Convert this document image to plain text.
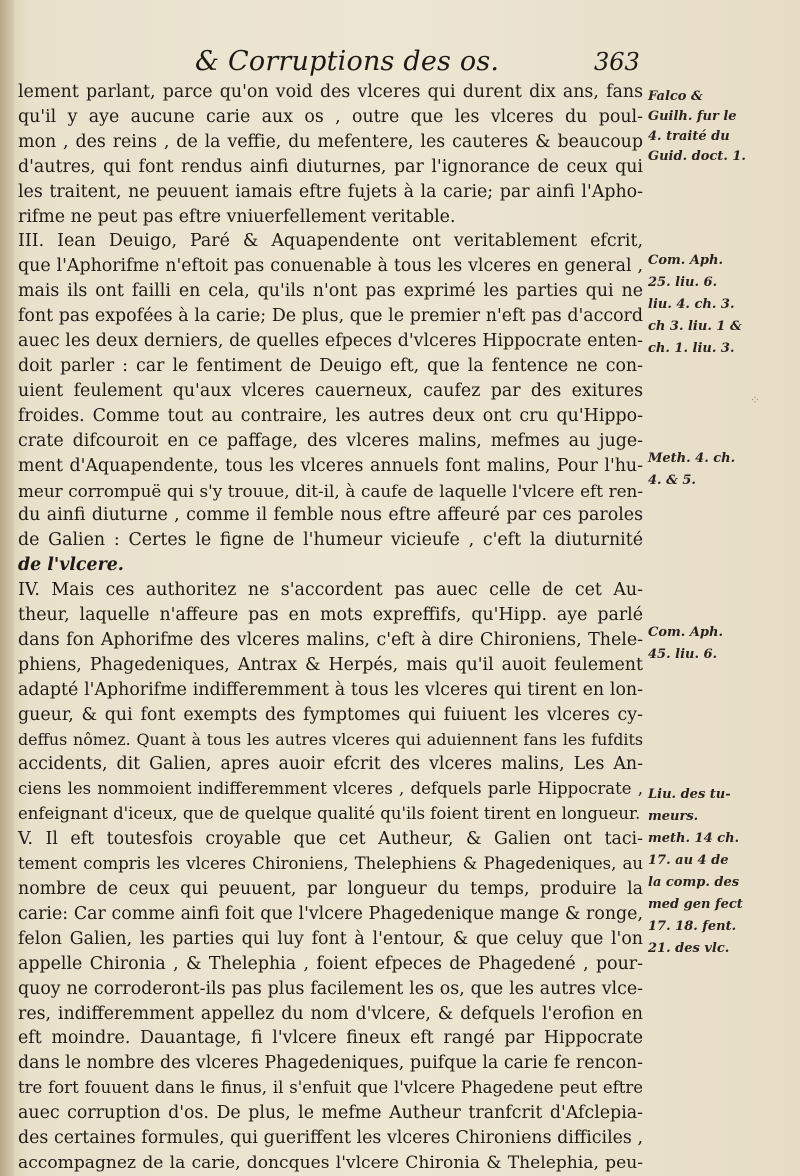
& Corruptions des os.	363
lement parlant, parce qu'on void des vlceres qui durent dix ans, fans
qu'il y aye aucune carie aux os , outre que les vlceres du poul-
mon , des reins , de la veffie, du mefentere, les cauteres & beaucoup
d'autres, qui font rendus ainfi diuturnes, par l'ignorance de ceux qui
les traitent, ne peuuent iamais eftre fujets à la carie; par ainfi l'Apho-
rifme ne peut pas eftre vniuerfellement veritable.
III. Iean Deuigo, Paré & Aquapendente ont veritablement efcrit,
que l'Aphorifme n'eftoit pas conuenable à tous les vlceres en general ,
mais ils ont failli en cela, qu'ils n'ont pas exprimé les parties qui ne
font pas expofées à la carie; De plus, que le premier n'eft pas d'accord
auec les deux derniers, de quelles efpeces d'vlceres Hippocrate enten-
doit parler : car le fentiment de Deuigo eft, que la fentence ne con-
uient feulement qu'aux vlceres cauerneux, caufez par des exitures
froides. Comme tout au contraire, les autres deux ont cru qu'Hippo-
crate difcouroit en ce paffage, des vlceres malins, mefmes au juge-
ment d'Aquapendente, tous les vlceres annuels font malins, Pour l'hu-
meur corrompuë qui s'y trouue, dit-il, à caufe de laquelle l'vlcere eft ren-
du ainfi diuturne , comme il femble nous eftre affeuré par ces paroles
de Galien : Certes le figne de l'humeur vicieufe , c'eft la diuturnité
de l'vlcere.
IV. Mais ces authoritez ne s'accordent pas auec celle de cet Au-
theur, laquelle n'affeure pas en mots expreffifs, qu'Hipp. aye parlé
dans fon Aphorifme des vlceres malins, c'eft à dire Chironiens, Thele-
phiens, Phagedeniques, Antrax & Herpés, mais qu'il auoit feulement
adapté l'Aphorifme indifferemment à tous les vlceres qui tirent en lon-
gueur, & qui font exempts des fymptomes qui fuiuent les vlceres cy-
deffus nômez. Quant à tous les autres vlceres qui aduiennent fans les fufdits
accidents, dit Galien, apres auoir efcrit des vlceres malins, Les An-
ciens les nommoient indifferemment vlceres , defquels parle Hippocrate ,
enfeignant d'iceux, que de quelque qualité qu'ils foient tirent en longueur.
V. Il eft toutesfois croyable que cet Autheur, & Galien ont taci-
tement compris les vlceres Chironiens, Thelephiens & Phagedeniques, au
nombre de ceux qui peuuent, par longueur du temps, produire la
carie: Car comme ainfi foit que l'vlcere Phagedenique mange & ronge,
felon Galien, les parties qui luy font à l'entour, & que celuy que l'on
appelle Chironia , & Thelephia , foient efpeces de Phagedené , pour-
quoy ne corroderont-ils pas plus facilement les os, que les autres vlce-
res, indifferemment appellez du nom d'vlcere, & defquels l'erofion en
eft moindre. Dauantage, fi l'vlcere fineux eft rangé par Hippocrate
dans le nombre des vlceres Phagedeniques, puifque la carie fe rencon-
tre fort fouuent dans le finus, il s'enfuit que l'vlcere Phagedene peut eftre
auec corruption d'os. De plus, le mefme Autheur tranfcrit d'Afclepia-
des certaines formules, qui gueriffent les vlceres Chironiens difficiles ,
accompagnez de la carie, doncques l'vlcere Chironia & Thelephia, peu-
Falco &
Guilh. fur le
4. traité du
Guid. doct. 1.
Com. Aph.
25. liu. 6.
liu. 4. ch. 3.
ch 3. liu. 1 &
ch. 1. liu. 3.
Meth. 4. ch.
4. & 5.
Com. Aph.
45. liu. 6.
Liu. des tu-
meurs.
meth. 14 ch.
17. au 4 de
la comp. des
med gen fect
17. 18. fent.
21. des vlc.
⁘
